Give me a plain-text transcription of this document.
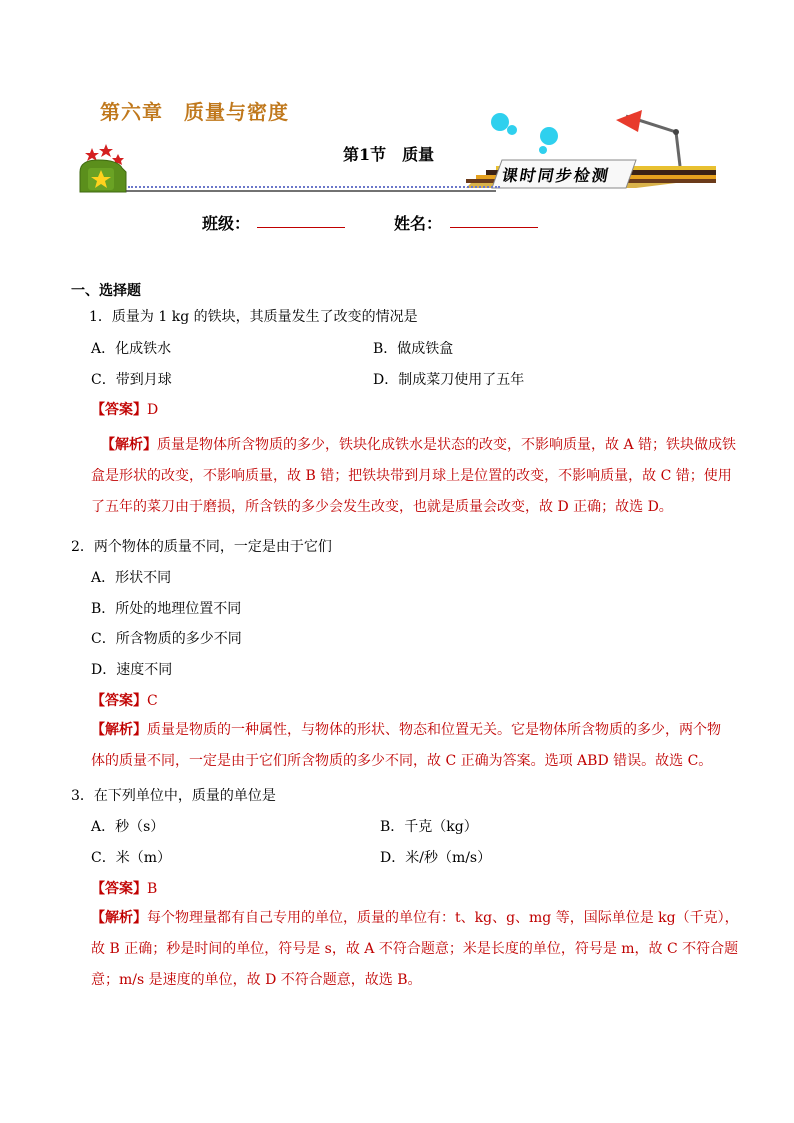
第六章　质量与密度
第1节　质量
课时同步检测
班级：	姓名：
一、选择题
1．质量为 1 kg 的铁块，其质量发生了改变的情况是
A．化成铁水	B．做成铁盒
C．带到月球	D．制成菜刀使用了五年
【答案】D
【解析】质量是物体所含物质的多少，铁块化成铁水是状态的改变，不影响质量，故 A 错；铁块做成铁
盒是形状的改变，不影响质量，故 B 错；把铁块带到月球上是位置的改变，不影响质量，故 C 错；使用
了五年的菜刀由于磨损，所含铁的多少会发生改变，也就是质量会改变，故 D 正确；故选 D。
2．两个物体的质量不同，一定是由于它们
A．形状不同
B．所处的地理位置不同
C．所含物质的多少不同
D．速度不同
【答案】C
【解析】质量是物质的一种属性，与物体的形状、物态和位置无关。它是物体所含物质的多少，两个物
体的质量不同，一定是由于它们所含物质的多少不同，故 C 正确为答案。选项 ABD 错误。故选 C。
3．在下列单位中，质量的单位是
A．秒（s）	B．千克（kg）
C．米（m）	D．米/秒（m/s）
【答案】B
【解析】每个物理量都有自己专用的单位，质量的单位有：t、kg、g、mg 等，国际单位是 kg（千克），
故 B 正确；秒是时间的单位，符号是 s，故 A 不符合题意；米是长度的单位，符号是 m，故 C 不符合题
意；m/s 是速度的单位，故 D 不符合题意，故选 B。
